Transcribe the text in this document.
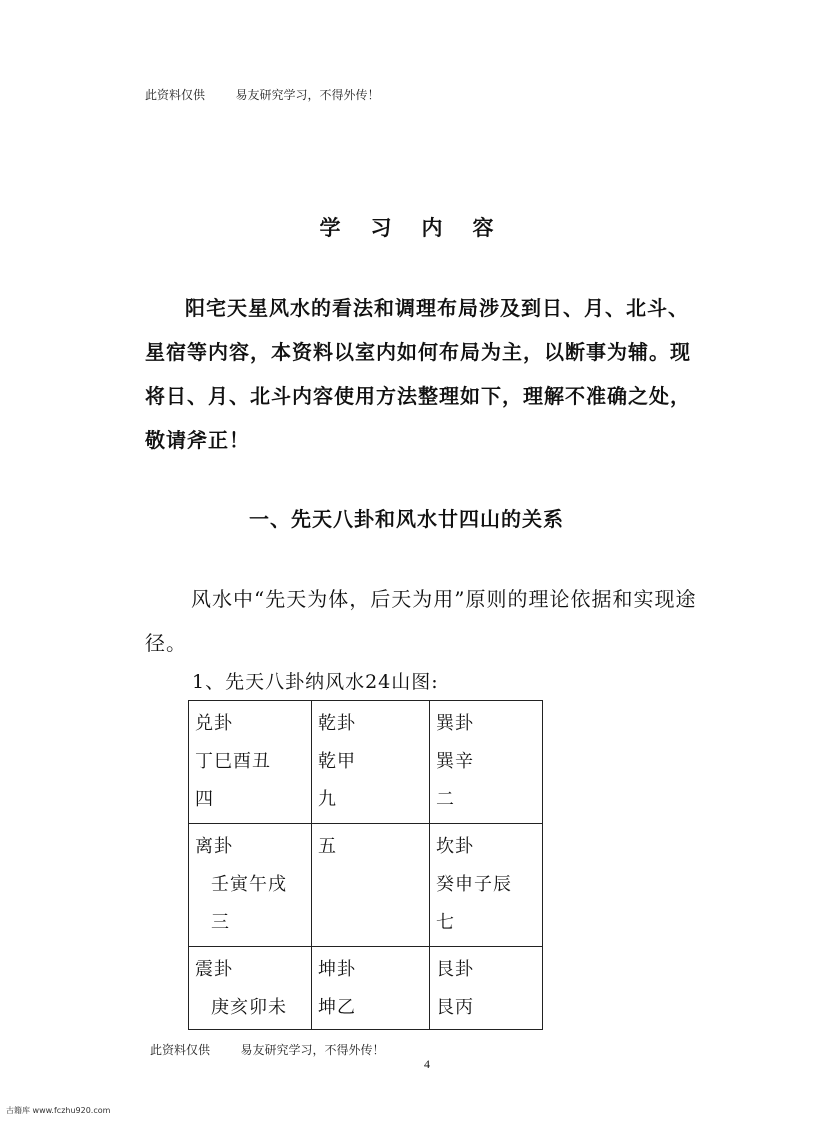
此资料仅供        易友研究学习，不得外传！
学习内容
阳宅天星风水的看法和调理布局涉及到日、月、北斗、星宿等内容，本资料以室内如何布局为主，以断事为辅。现将日、月、北斗内容使用方法整理如下，理解不准确之处，敬请斧正！
一、先天八卦和风水廿四山的关系
风水中“先天为体，后天为用”原则的理论依据和实现途径。
1、先天八卦纳风水24山图:
兑卦
丁巳酉丑
四	乾卦
乾甲
九	巽卦
巽辛
二

离卦
壬寅午戌
三	五	坎卦
癸申子辰
七

震卦
庚亥卯未	坤卦
坤乙	艮卦
艮丙
此资料仅供        易友研究学习，不得外传！
4
古籍库 www.fczhu920.com
